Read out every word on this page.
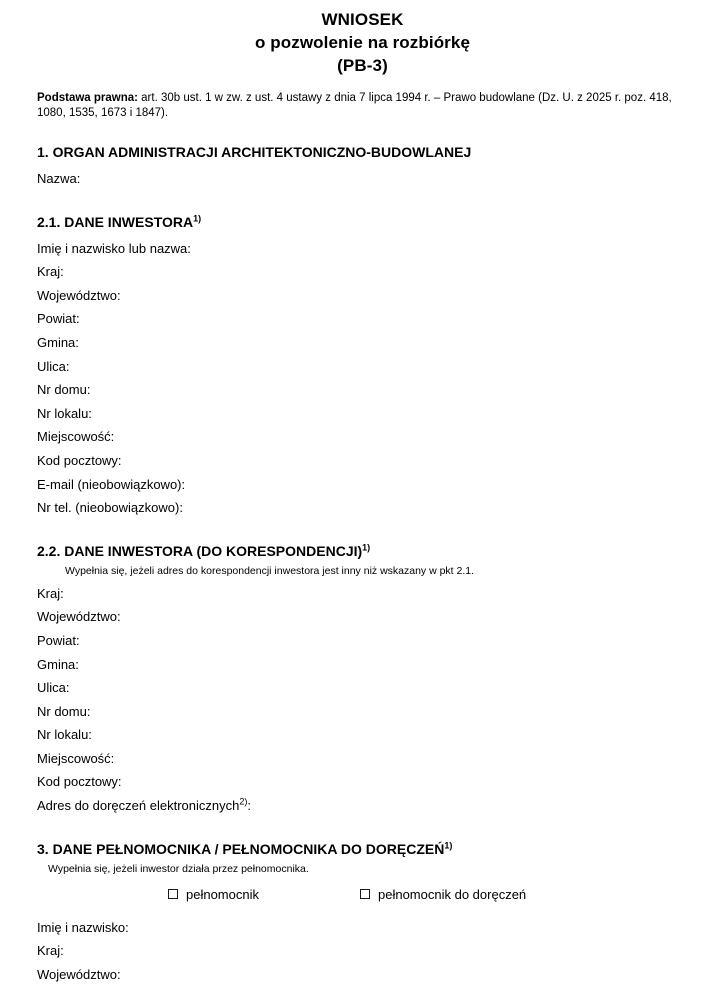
WNIOSEK
o pozwolenie na rozbiórkę
(PB-3)

Podstawa prawna: art. 30b ust. 1 w zw. z ust. 4 ustawy z dnia 7 lipca 1994 r. – Prawo budowlane (Dz. U. z 2025 r. poz. 418, 1080, 1535, 1673 i 1847).

1. ORGAN ADMINISTRACJI ARCHITEKTONICZNO-BUDOWLANEJ
Nazwa:
2.1. DANE INWESTORA$^{1)}$
Imię i nazwisko lub nazwa:
Kraj:
Województwo:
Powiat:
Gmina:
Ulica:
Nr domu:
Nr lokalu:
Miejscowość:
Kod pocztowy:
E-mail (nieobowiązkowo):
Nr tel. (nieobowiązkowo):
2.2. DANE INWESTORA (DO KORESPONDENCJI)$^{1)}$

Wypełnia się, jeżeli adres do korespondencji inwestora jest inny niż wskazany w pkt 2.1.

Kraj:
Województwo:
Powiat:
Gmina:
Ulica:
Nr domu:
Nr lokalu:
Miejscowość:
Kod pocztowy:
Adres do doręczeń elektronicznych$^{2)}$:
3. DANE PEŁNOMOCNIKA / PEŁNOMOCNIKA DO DORĘCZEŃ$^{1)}$

Wypełnia się, jeżeli inwestor działa przez pełnomocnika.

pełnomocnik	pełnomocnik do doręczeń
Imię i nazwisko:
Kraj:
Województwo:
